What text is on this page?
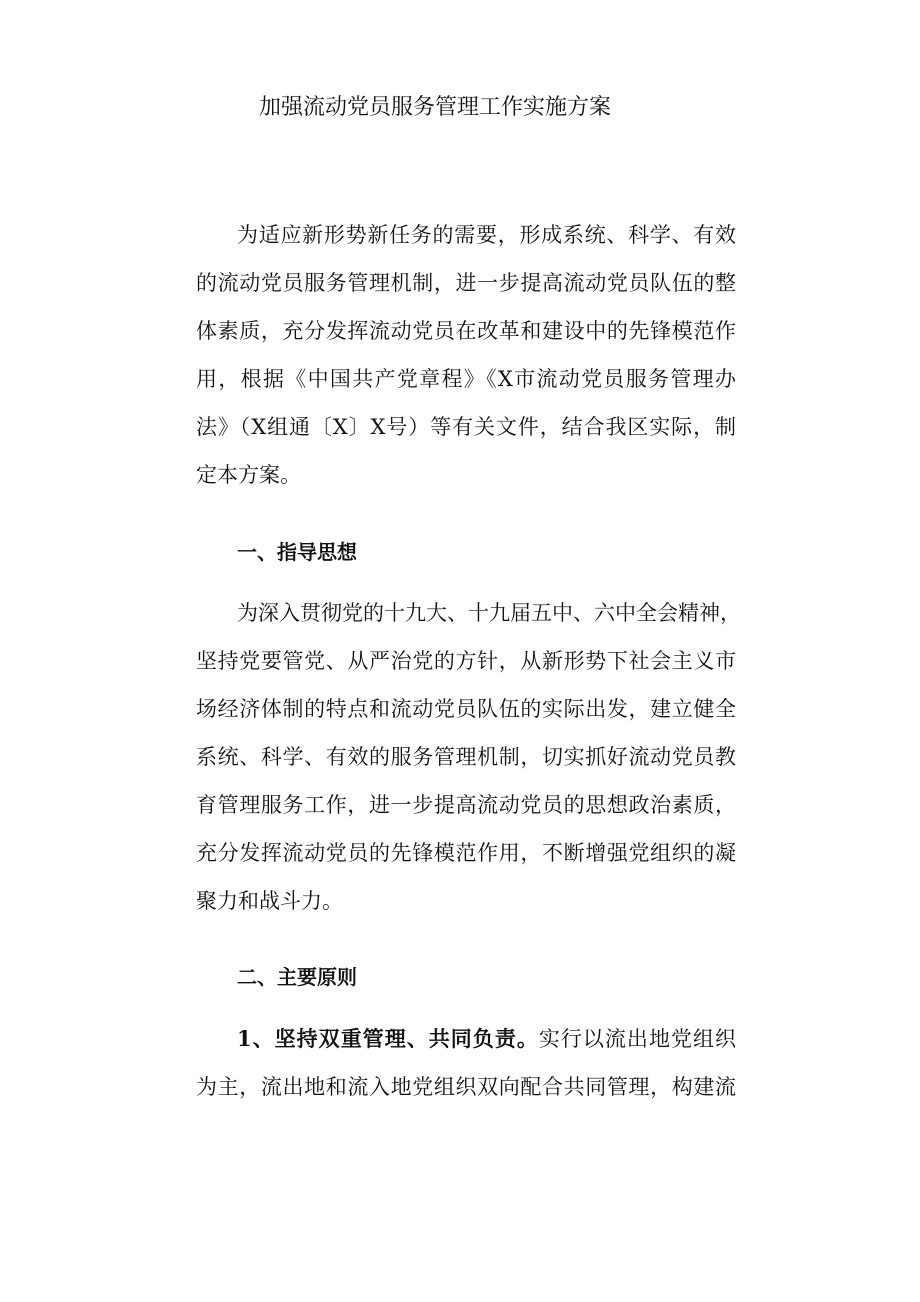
加强流动党员服务管理工作实施方案

为适应新形势新任务的需要，形成系统、科学、有效

的流动党员服务管理机制，进一步提高流动党员队伍的整

体素质，充分发挥流动党员在改革和建设中的先锋模范作

用，根据《中国共产党章程》《X市流动党员服务管理办

法》（X组通〔X〕X号）等有关文件，结合我区实际，制

定本方案。

一、指导思想

为深入贯彻党的十九大、十九届五中、六中全会精神，

坚持党要管党、从严治党的方针，从新形势下社会主义市

场经济体制的特点和流动党员队伍的实际出发，建立健全

系统、科学、有效的服务管理机制，切实抓好流动党员教

育管理服务工作，进一步提高流动党员的思想政治素质，

充分发挥流动党员的先锋模范作用，不断增强党组织的凝

聚力和战斗力。

二、主要原则

1、坚持双重管理、共同负责。实行以流出地党组织

为主，流出地和流入地党组织双向配合共同管理，构建流
